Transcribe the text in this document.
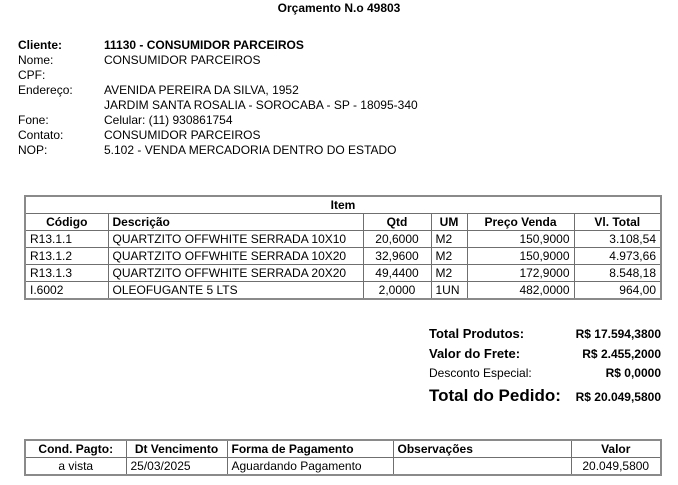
Orçamento N.o 49803
Cliente:	11130 - CONSUMIDOR PARCEIROS
Nome:	CONSUMIDOR PARCEIROS
CPF:
Endereço:	AVENIDA PEREIRA DA SILVA, 1952
JARDIM SANTA ROSALIA - SOROCABA - SP - 18095-340
Fone:	Celular: (11) 930861754
Contato:	CONSUMIDOR PARCEIROS
NOP:	5.102 - VENDA MERCADORIA DENTRO DO ESTADO
Item					
Código	Descrição	Qtd	UM	Preço Venda	Vl. Total
R13.1.1	QUARTZITO OFFWHITE SERRADA 10X10	20,6000	M2	150,9000	3.108,54
R13.1.2	QUARTZITO OFFWHITE SERRADA 10X20	32,9600	M2	150,9000	4.973,66
R13.1.3	QUARTZITO OFFWHITE SERRADA 20X20	49,4400	M2	172,9000	8.548,18
I.6002	OLEOFUGANTE 5 LTS	2,0000	1UN	482,0000	964,00
Total Produtos:	R$ 17.594,3800
Valor do Frete:	R$ 2.455,2000
Desconto Especial:	R$ 0,0000
Total do Pedido: R$ 20.049,5800
Cond. Pagto:	Dt Vencimento	Forma de Pagamento	Observações	Valor
a vista	25/03/2025	Aguardando Pagamento		20.049,5800
